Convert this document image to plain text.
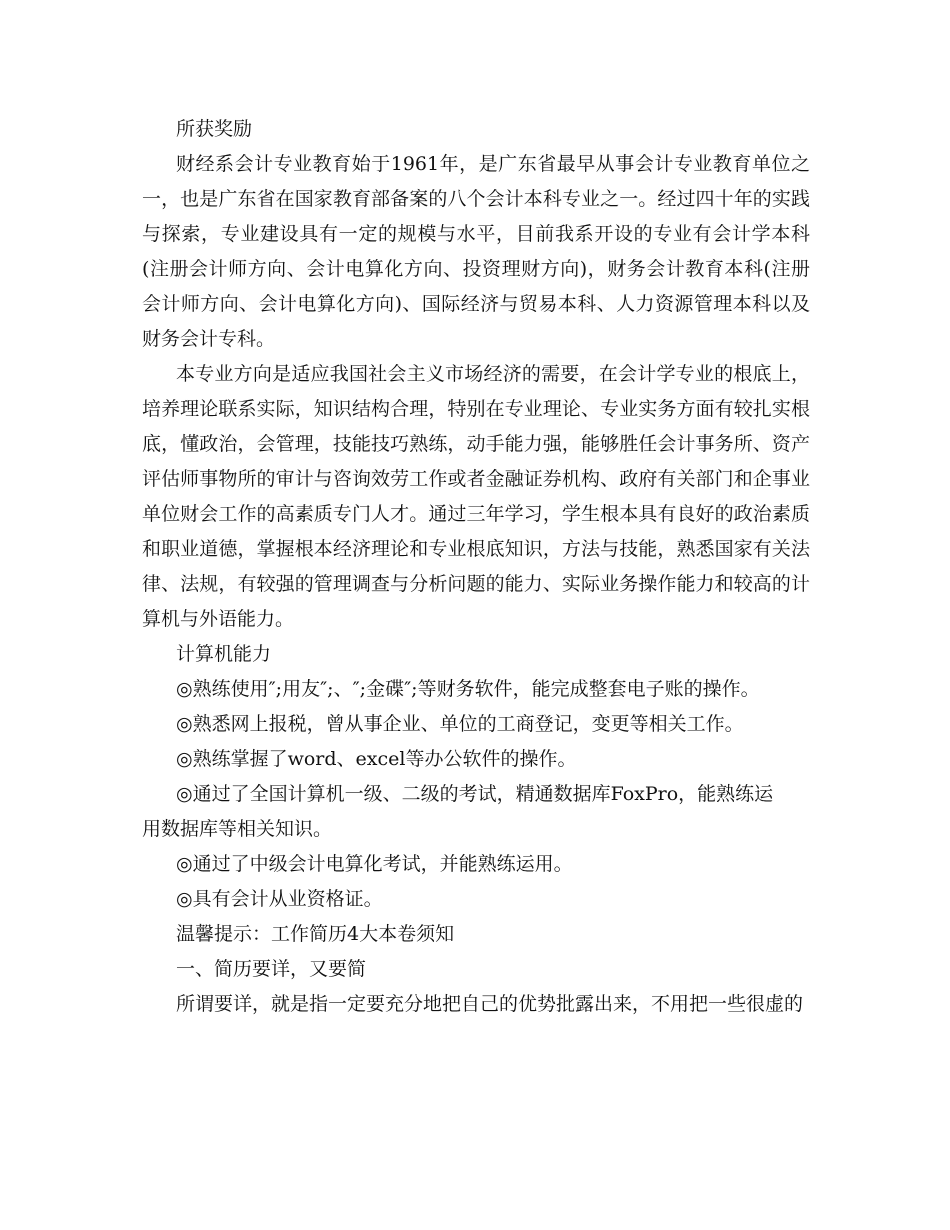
所获奖励

财经系会计专业教育始于1961年，是广东省最早从事会计专业教育单位之一，也是广东省在国家教育部备案的八个会计本科专业之一。经过四十年的实践与探索，专业建设具有一定的规模与水平，目前我系开设的专业有会计学本科(注册会计师方向、会计电算化方向、投资理财方向)，财务会计教育本科(注册会计师方向、会计电算化方向)、国际经济与贸易本科、人力资源管理本科以及财务会计专科。

本专业方向是适应我国社会主义市场经济的需要，在会计学专业的根底上，培养理论联系实际，知识结构合理，特别在专业理论、专业实务方面有较扎实根底，懂政治，会管理，技能技巧熟练，动手能力强，能够胜任会计事务所、资产评估师事物所的审计与咨询效劳工作或者金融证券机构、政府有关部门和企事业单位财会工作的高素质专门人才。通过三年学习，学生根本具有良好的政治素质和职业道德，掌握根本经济理论和专业根底知识，方法与技能，熟悉国家有关法律、法规，有较强的管理调查与分析问题的能力、实际业务操作能力和较高的计算机与外语能力。

计算机能力

◎熟练使用″;用友″;、″;金碟″;等财务软件，能完成整套电子账的操作。

◎熟悉网上报税，曾从事企业、单位的工商登记，变更等相关工作。

◎熟练掌握了word、excel等办公软件的操作。

◎通过了全国计算机一级、二级的考试，精通数据库FoxPro，能熟练运用数据库等相关知识。

◎通过了中级会计电算化考试，并能熟练运用。

◎具有会计从业资格证。

温馨提示：工作简历4大本卷须知

一、简历要详，又要简

所谓要详，就是指一定要充分地把自己的优势批露出来，不用把一些很虚的
